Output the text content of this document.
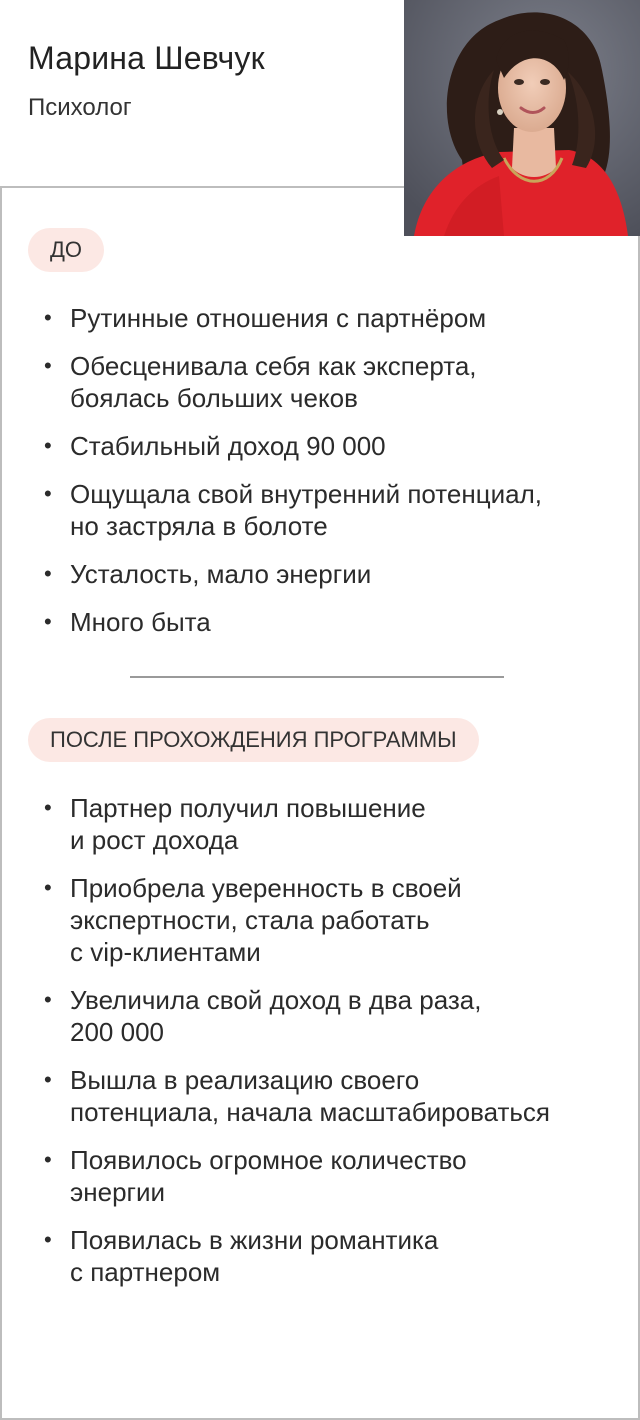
Марина Шевчук
Психолог
ДО
• Рутинные отношения с партнёром
• Обесценивала себя как эксперта,
боялась больших чеков
• Стабильный доход 90 000
• Ощущала свой внутренний потенциал,
но застряла в болоте
• Усталость, мало энергии
• Много быта
ПОСЛЕ ПРОХОЖДЕНИЯ ПРОГРАММЫ
• Партнер получил повышение
и рост дохода
• Приобрела уверенность в своей
экспертности, стала работать
с vip-клиентами
• Увеличила свой доход в два раза,
200 000
• Вышла в реализацию своего
потенциала, начала масштабироваться
• Появилось огромное количество
энергии
• Появилась в жизни романтика
с партнером
